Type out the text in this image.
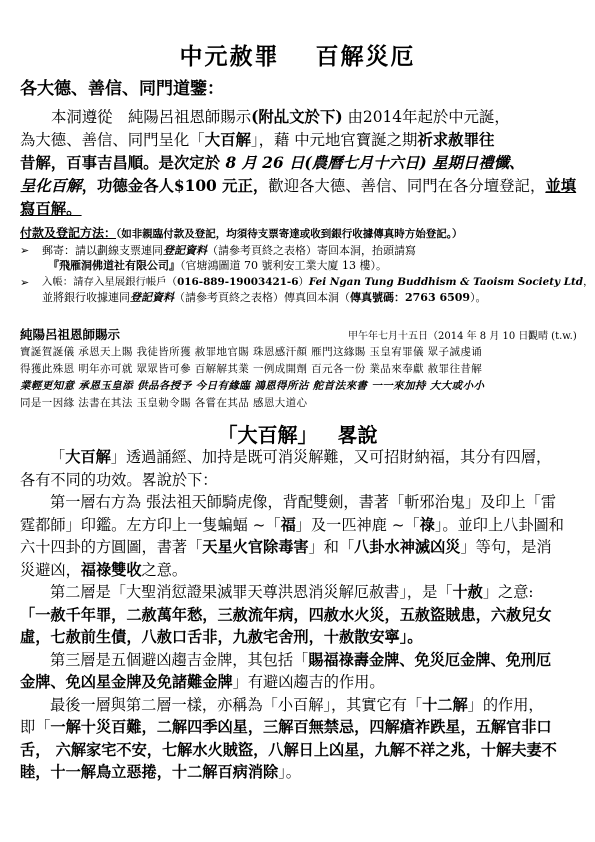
中元赦罪 百解災厄
各大德、善信、同門道鑒：
本洞遵從　純陽呂祖恩師賜示(附乩文於下) 由2014年起於中元誕，
為大德、善信、同門呈化「大百解」，藉 中元地官寶誕之期祈求赦罪往
昔解，百事吉昌順。是次定於 8 月 26 日(農曆七月十六日) 星期日禮懺、
呈化百解，功德金各人$100 元正，歡迎各大德、善信、同門在各分壇登記，並填
寫百解。
付款及登記方法：（如非親臨付款及登記，均須待支票寄達或收到銀行收據傳真時方始登記。）
➢ 郵寄：請以劃線支票連同登記資料（請參考頁終之表格）寄回本洞，抬頭請寫
『飛雁洞佛道社有限公司』（官塘鴻圖道 70 號利安工業大廈 13 樓）。
➢ 入帳：請存入星展銀行帳戶（016-889-19003421-6）Fei Ngan Tung Buddhism & Taoism Society Ltd，
並將銀行收據連同登記資料（請參考頁終之表格）傳真回本洞（傳真號碼：2763 6509）。
純陽呂祖恩師賜示	甲午年七月十五日（2014 年 8 月 10 日）
觀晴 (t.w.)
寶誕賀誕儀 承恩天上賜 我徒皆所獲 赦罪地官賜 珠恩感汗顏 雁門这緣賜 玉皇宥罪儀 眾子誠虔诵
得獲此殊恩 明年亦可就 眾眾皆可參 百解解其業 一例成開劑 百元各一份 業品來奉獻 赦罪往昔解
業輕更知意 承恩玉皇添 供品各授予 今日有緣臨 鴻恩得所沾 舵首法來書 一一來加持 大大或小小
同是一因緣 法書在其法 玉皇勅令賜 各嘗在其品 感恩大道心
「大百解」 畧說
「大百解」透過誦經、加持是既可消災解難，又可招財納福，其分有四層，
各有不同的功效。畧說於下：
第一層右方為 張法祖天師騎虎像，背配雙劍，書著「斬邪治鬼」及印上「雷
霆都師」印鑑。左方印上一隻蝙蝠 ~「福」及一匹神鹿 ~「祿」。並印上八卦圖和
六十四卦的方圓圖，書著「天星火官除毒害」和「八卦水神滅凶災」等句，是消
災避凶，福祿雙收之意。
第二層是「大聖消愆證果滅罪天尊洪恩消災解厄赦書」，是「十赦」之意:
「一赦千年罪，二赦萬年愁，三赦流年病，四赦水火災，五赦盜賊患，六赦兒女
虛，七赦前生債，八赦口舌非，九赦宅舍刑，十赦散安寧」。
第三層是五個避凶趨吉金牌，其包括「賜福祿壽金牌、免災厄金牌、免刑厄
金牌、免凶星金牌及免諸難金牌」有避凶趨吉的作用。
最後一層與第二層一樣，亦稱為「小百解」，其實它有「十二解」的作用，
即「一解十災百難，二解四季凶星，三解百無禁忌，四解瘡祚跌星，五解官非口
舌， 六解家宅不安，七解水火賊盜，八解日上凶星，九解不祥之兆，十解夫妻不
睦，十一解鳥立惡捲，十二解百病消除」。
